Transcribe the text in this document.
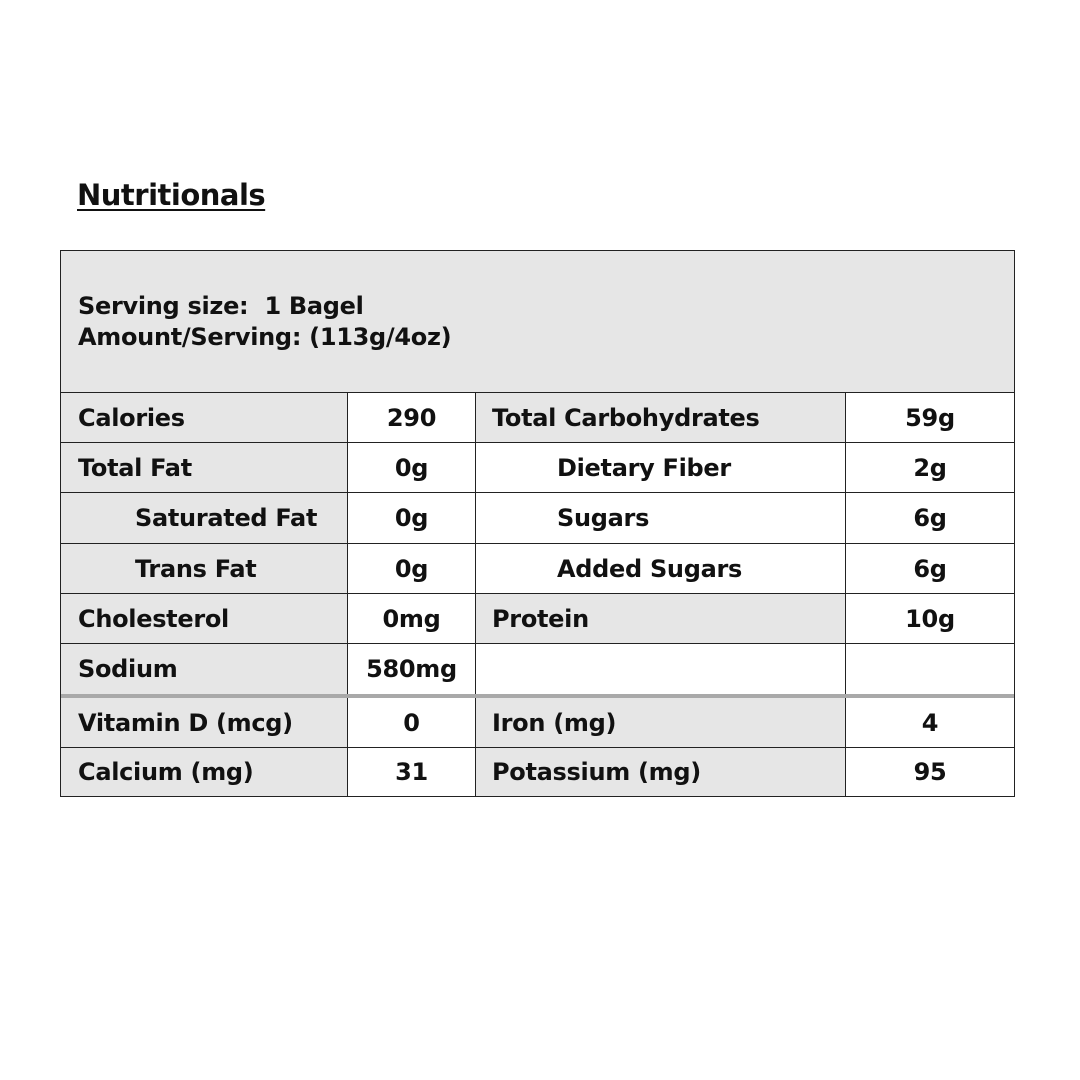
Nutritionals
Serving size:  1 Bagel
Amount/Serving: (113g/4oz)
Calories	290	Total Carbohydrates	59g
Total Fat	0g	Dietary Fiber	2g
Saturated Fat	0g	Sugars	6g
Trans Fat	0g	Added Sugars	6g
Cholesterol	0mg	Protein	10g
Sodium	580mg
Vitamin D (mcg)	0	Iron (mg)	4
Calcium (mg)	31	Potassium (mg)	95
